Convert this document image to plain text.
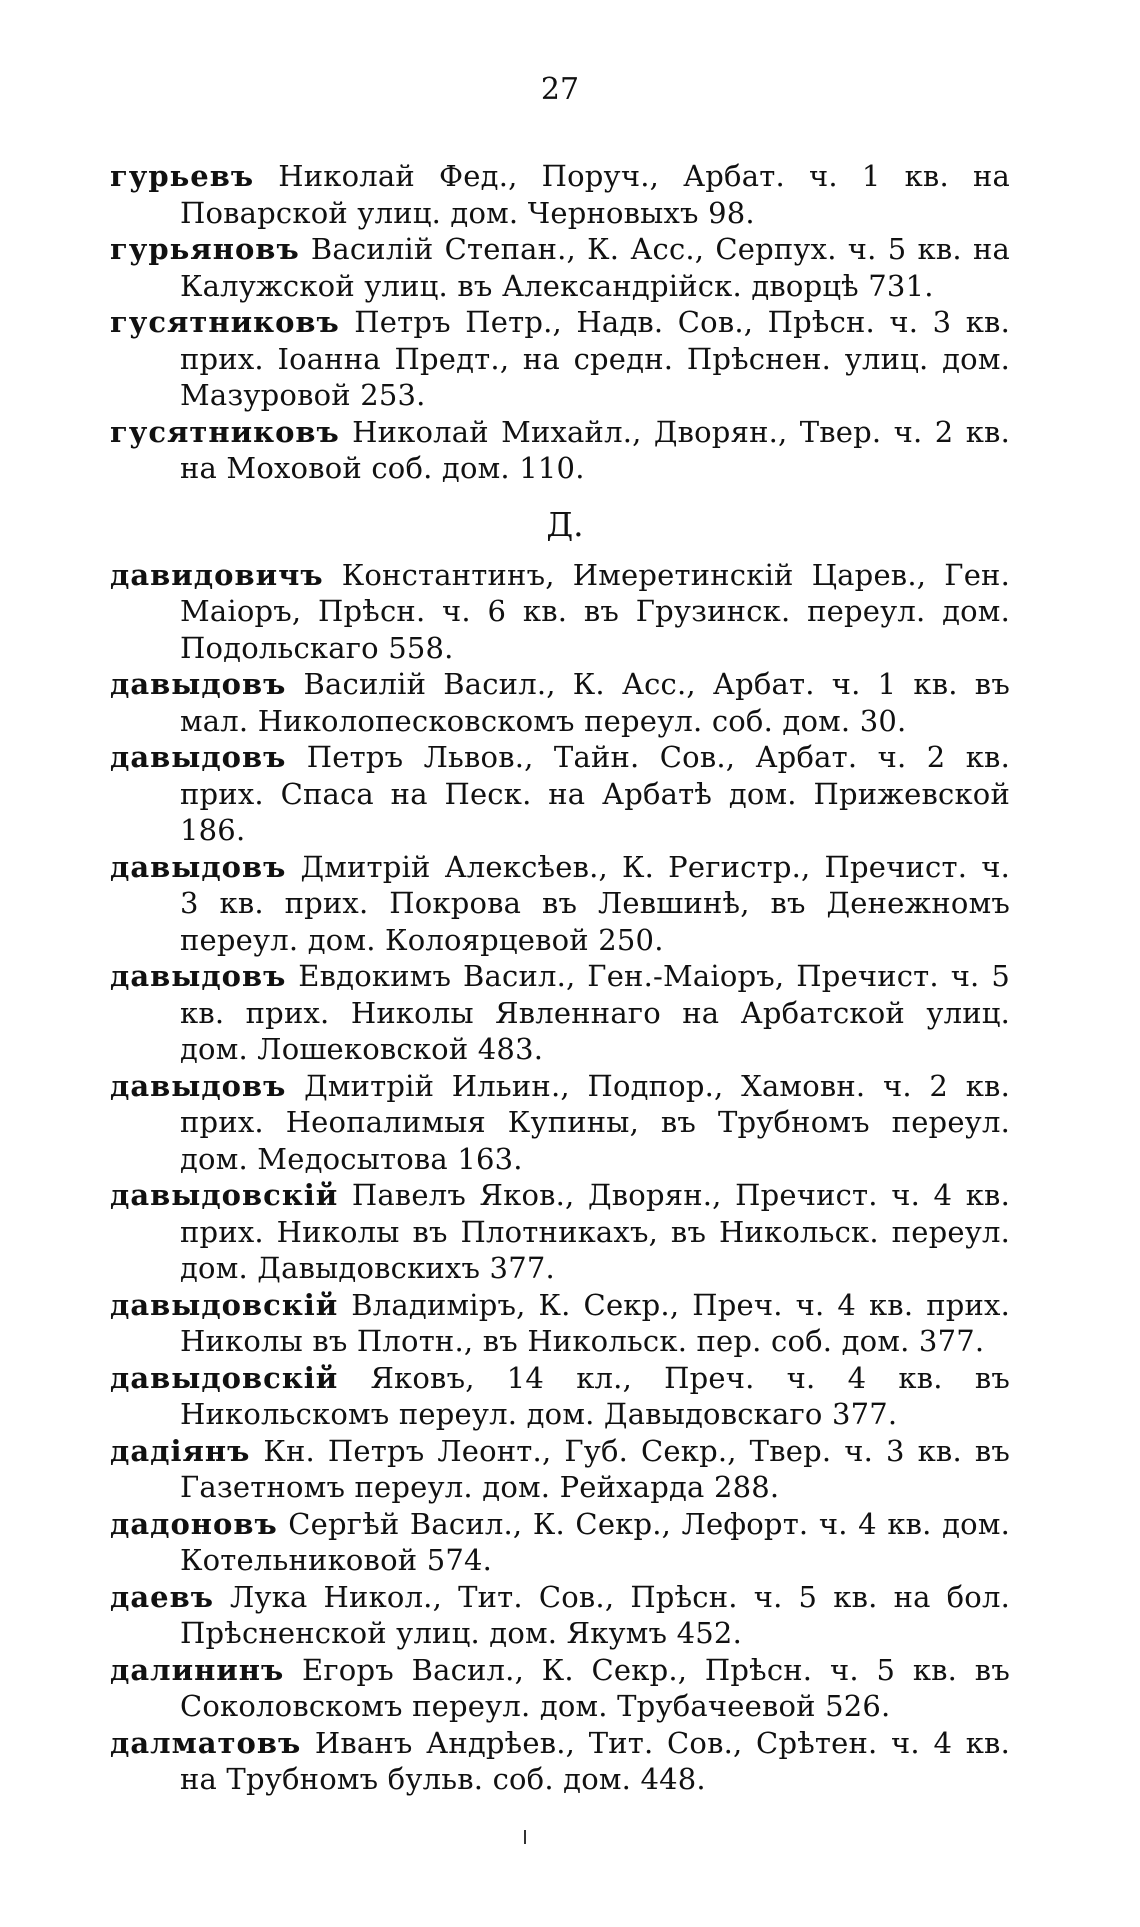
27

гурьевъ Николай Фед., Поруч., Арбат. ч. 1 кв. на Поварской улиц. дом. Черновыхъ 98.

гурьяновъ Василій Степан., К. Асс., Серпух. ч. 5 кв. на Калужской улиц. въ Александрійск. дворцѣ 731.

гусятниковъ Петръ Петр., Надв. Сов., Прѣсн. ч. 3 кв. прих. Іоанна Предт., на средн. Прѣснен. улиц. дом. Мазуровой 253.

гусятниковъ Николай Михайл., Дворян., Твер. ч. 2 кв. на Моховой соб. дом. 110.

Д.

давидовичъ Константинъ, Имеретинскій Царев., Ген. Маіоръ, Прѣсн. ч. 6 кв. въ Грузинск. переул. дом. Подольскаго 558.

давыдовъ Василій Васил., К. Асс., Арбат. ч. 1 кв. въ мал. Николопесковскомъ переул. соб. дом. 30.

давыдовъ Петръ Львов., Тайн. Сов., Арбат. ч. 2 кв. прих. Спаса на Песк. на Арбатѣ дом. Прижевской 186.

давыдовъ Дмитрій Алексѣев., К. Регистр., Пречист. ч. 3 кв. прих. Покрова въ Левшинѣ, въ Денежномъ переул. дом. Колоярцевой 250.

давыдовъ Евдокимъ Васил., Ген.-Маіоръ, Пречист. ч. 5 кв. прих. Николы Явленнаго на Арбатской улиц. дом. Лошековской 483.

давыдовъ Дмитрій Ильин., Подпор., Хамовн. ч. 2 кв. прих. Неопалимыя Купины, въ Трубномъ переул. дом. Медосытова 163.

давыдовскій Павелъ Яков., Дворян., Пречист. ч. 4 кв. прих. Николы въ Плотникахъ, въ Никольск. переул. дом. Давыдовскихъ 377.

давыдовскій Владиміръ, К. Секр., Преч. ч. 4 кв. прих. Николы въ Плотн., въ Никольск. пер. соб. дом. 377.

давыдовскій Яковъ, 14 кл., Преч. ч. 4 кв. въ Никольскомъ переул. дом. Давыдовскаго 377.

дадіянъ Кн. Петръ Леонт., Губ. Секр., Твер. ч. 3 кв. въ Газетномъ переул. дом. Рейхарда 288.

дадоновъ Сергѣй Васил., К. Секр., Лефорт. ч. 4 кв. дом. Котельниковой 574.

даевъ Лука Никол., Тит. Сов., Прѣсн. ч. 5 кв. на бол. Прѣсненской улиц. дом. Якумъ 452.

далининъ Егоръ Васил., К. Секр., Прѣсн. ч. 5 кв. въ Соколовскомъ переул. дом. Трубачеевой 526.

далматовъ Иванъ Андрѣев., Тит. Сов., Срѣтен. ч. 4 кв. на Трубномъ бульв. соб. дом. 448.
